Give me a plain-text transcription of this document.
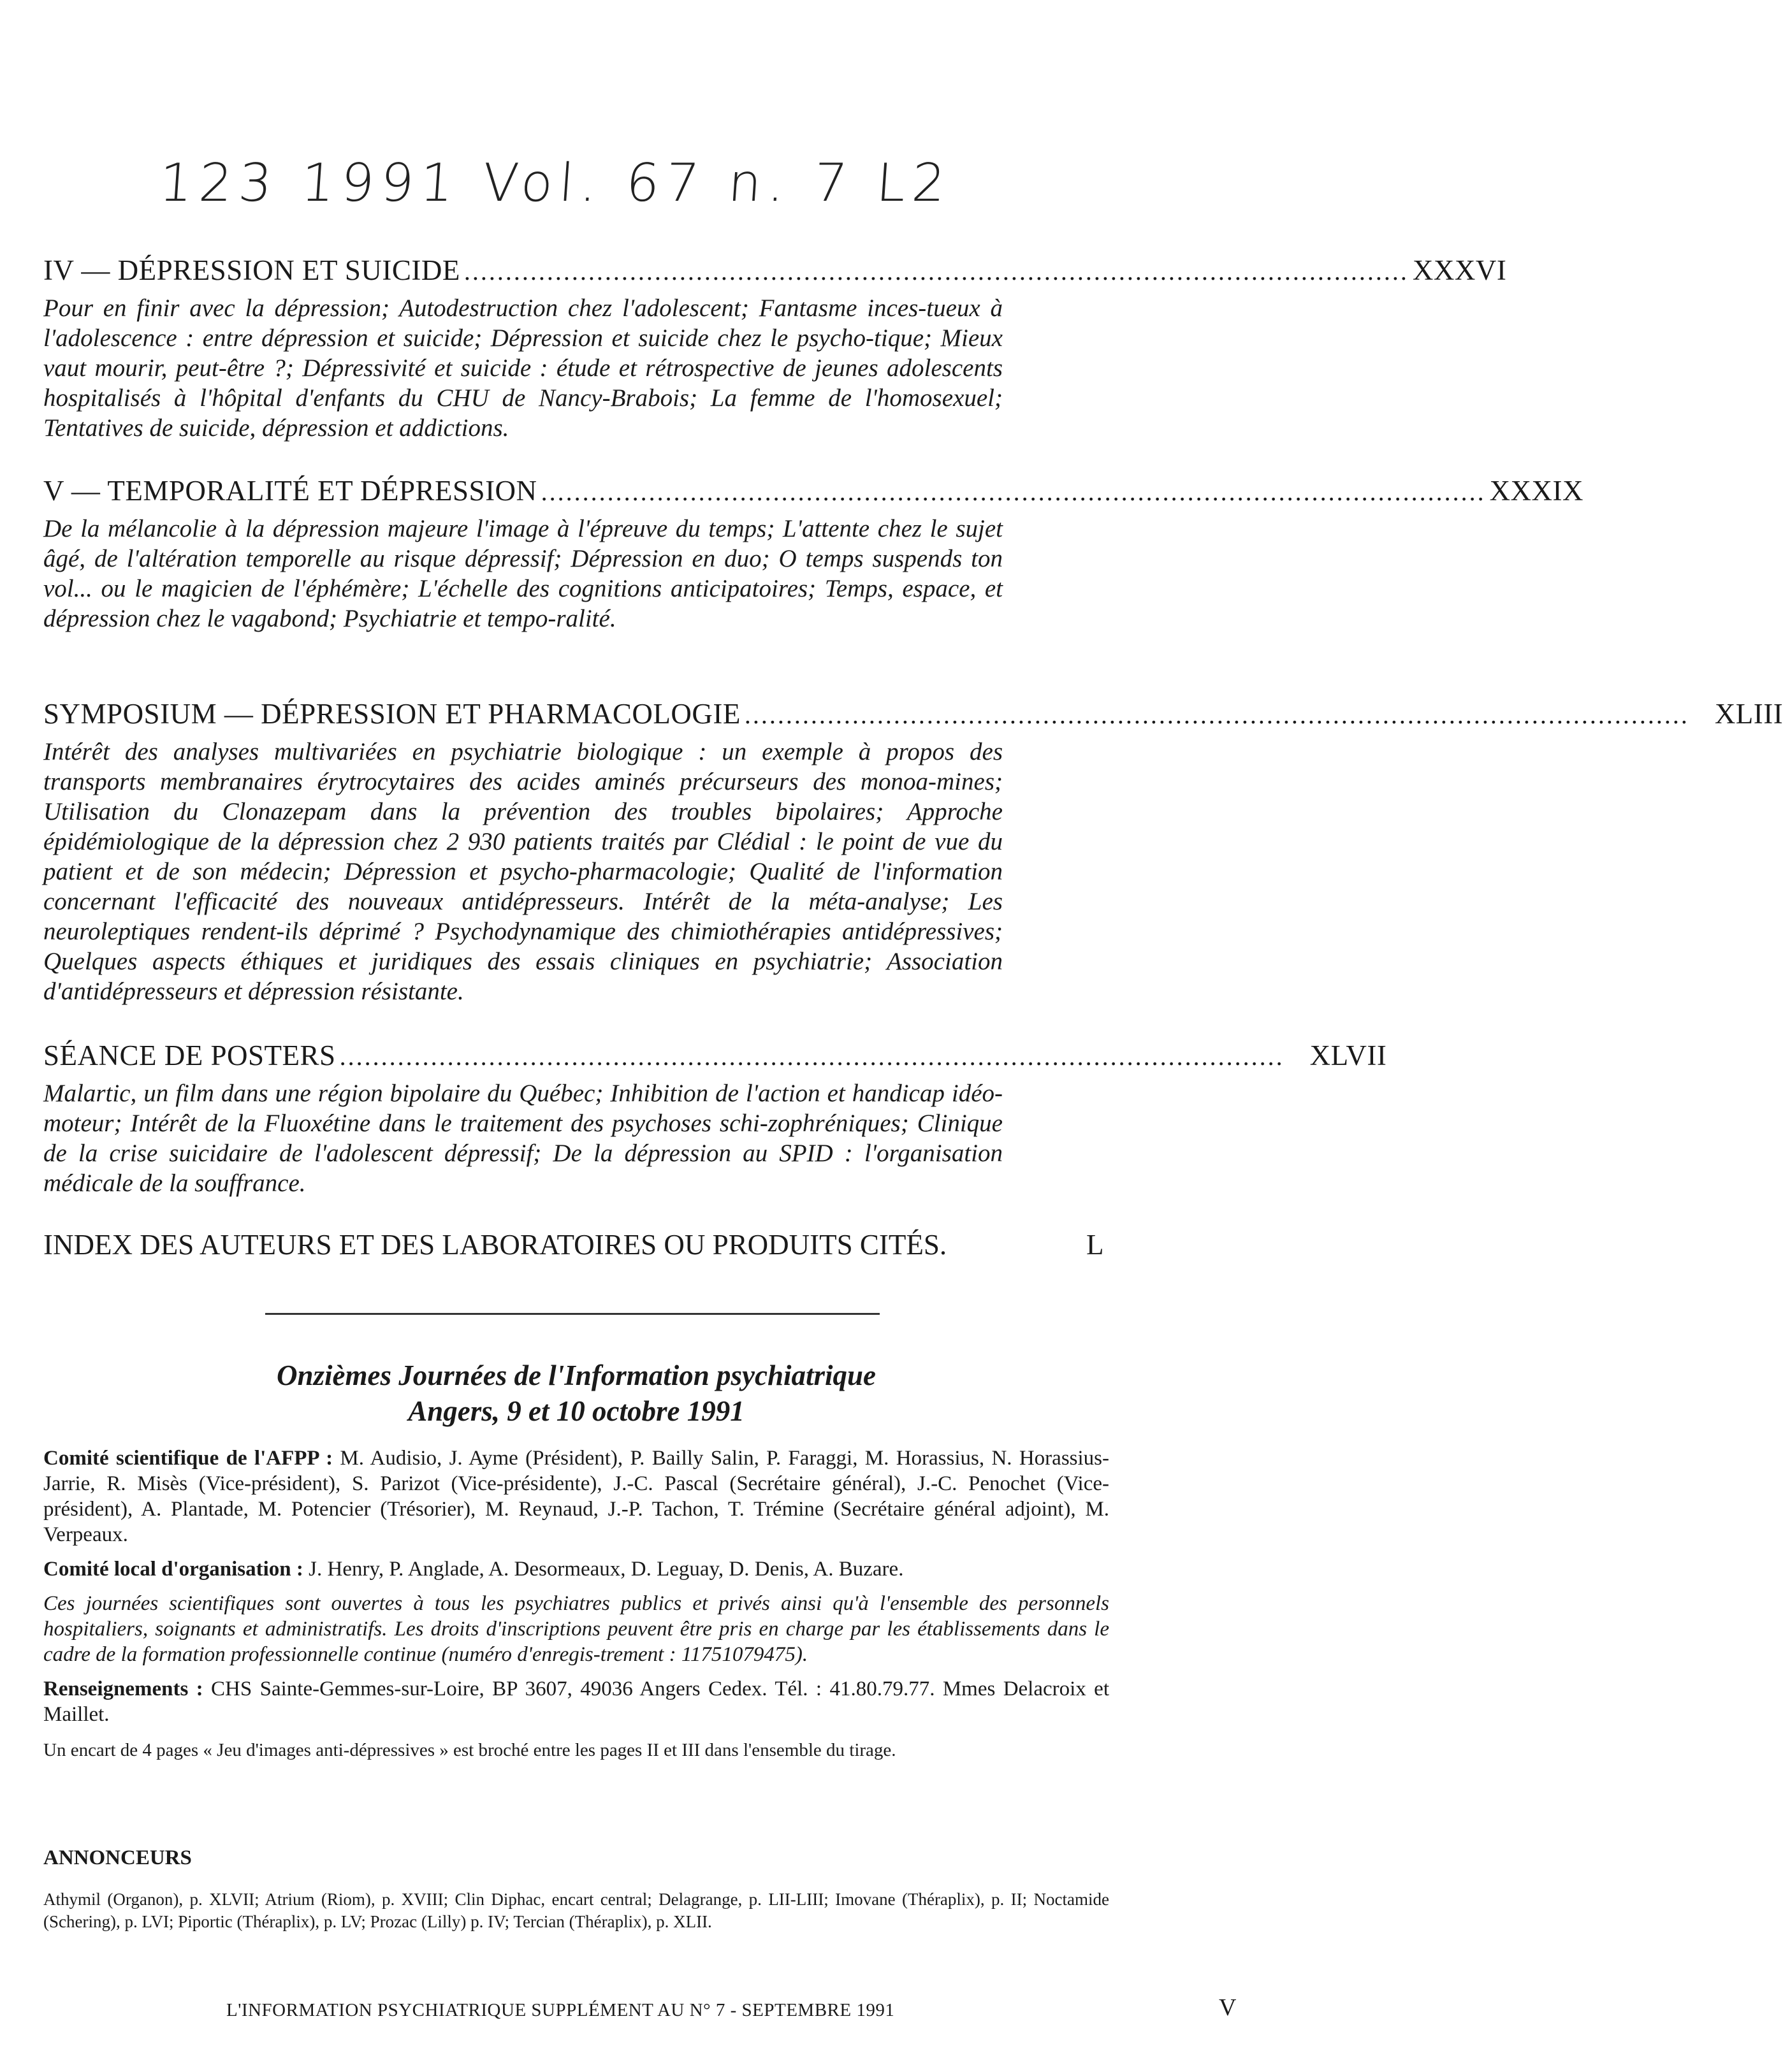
123 1991 Vol. 67 n. 7 L2
IV — DÉPRESSION ET SUICIDE .................................................................................................................. XXXVI
Pour en finir avec la dépression; Autodestruction chez l'adolescent; Fantasme inces-tueux à l'adolescence : entre dépression et suicide; Dépression et suicide chez le psycho-tique; Mieux vaut mourir, peut-être ?; Dépressivité et suicide : étude et rétrospective de jeunes adolescents hospitalisés à l'hôpital d'enfants du CHU de Nancy-Brabois; La femme de l'homosexuel; Tentatives de suicide, dépression et addictions.
V — TEMPORALITÉ ET DÉPRESSION .................................................................................................................. XXXIX
De la mélancolie à la dépression majeure l'image à l'épreuve du temps; L'attente chez le sujet âgé, de l'altération temporelle au risque dépressif; Dépression en duo; O temps suspends ton vol... ou le magicien de l'éphémère; L'échelle des cognitions anticipatoires; Temps, espace, et dépression chez le vagabond; Psychiatrie et tempo-ralité.
SYMPOSIUM — DÉPRESSION ET PHARMACOLOGIE .................................................................................................................. XLIII
Intérêt des analyses multivariées en psychiatrie biologique : un exemple à propos des transports membranaires érytrocytaires des acides aminés précurseurs des monoa-mines; Utilisation du Clonazepam dans la prévention des troubles bipolaires; Approche épidémiologique de la dépression chez 2 930 patients traités par Clédial : le point de vue du patient et de son médecin; Dépression et psycho-pharmacologie; Qualité de l'information concernant l'efficacité des nouveaux antidépresseurs. Intérêt de la méta-analyse; Les neuroleptiques rendent-ils déprimé ? Psychodynamique des chimiothérapies antidépressives; Quelques aspects éthiques et juridiques des essais cliniques en psychiatrie; Association d'antidépresseurs et dépression résistante.
SÉANCE DE POSTERS .................................................................................................................. XLVII
Malartic, un film dans une région bipolaire du Québec; Inhibition de l'action et handicap idéo-moteur; Intérêt de la Fluoxétine dans le traitement des psychoses schi-zophréniques; Clinique de la crise suicidaire de l'adolescent dépressif; De la dépression au SPID : l'organisation médicale de la souffrance.
INDEX DES AUTEURS ET DES LABORATOIRES OU PRODUITS CITÉS.	L
Onzièmes Journées de l'Information psychiatrique
Angers, 9 et 10 octobre 1991
Comité scientifique de l'AFPP : M. Audisio, J. Ayme (Président), P. Bailly Salin, P. Faraggi, M. Horassius, N. Horassius-Jarrie, R. Misès (Vice-président), S. Parizot (Vice-présidente), J.-C. Pascal (Secrétaire général), J.-C. Penochet (Vice-président), A. Plantade, M. Potencier (Trésorier), M. Reynaud, J.-P. Tachon, T. Trémine (Secrétaire général adjoint), M. Verpeaux.
Comité local d'organisation : J. Henry, P. Anglade, A. Desormeaux, D. Leguay, D. Denis, A. Buzare.
Ces journées scientifiques sont ouvertes à tous les psychiatres publics et privés ainsi qu'à l'ensemble des personnels hospitaliers, soignants et administratifs. Les droits d'inscriptions peuvent être pris en charge par les établissements dans le cadre de la formation professionnelle continue (numéro d'enregis-trement : 11751079475).
Renseignements : CHS Sainte-Gemmes-sur-Loire, BP 3607, 49036 Angers Cedex. Tél. : 41.80.79.77. Mmes Delacroix et Maillet.
Un encart de 4 pages « Jeu d'images anti-dépressives » est broché entre les pages II et III dans l'ensemble du tirage.
ANNONCEURS
Athymil (Organon), p. XLVII; Atrium (Riom), p. XVIII; Clin Diphac, encart central; Delagrange, p. LII-LIII; Imovane (Théraplix), p. II; Noctamide (Schering), p. LVI; Piportic (Théraplix), p. LV; Prozac (Lilly) p. IV; Tercian (Théraplix), p. XLII.
L'INFORMATION PSYCHIATRIQUE SUPPLÉMENT AU N° 7 - SEPTEMBRE 1991	V
